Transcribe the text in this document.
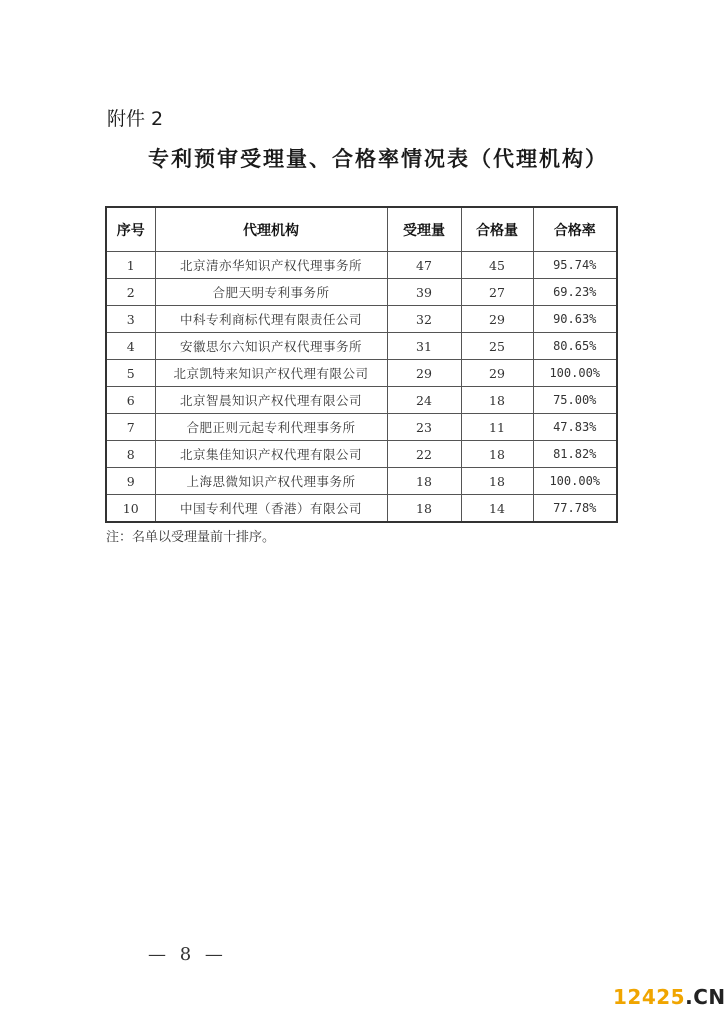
附件 2
专利预审受理量、合格率情况表（代理机构）
序号	代理机构	受理量	合格量	合格率
1	北京清亦华知识产权代理事务所	47	45	95.74%
2	合肥天明专利事务所	39	27	69.23%
3	中科专利商标代理有限责任公司	32	29	90.63%
4	安徽思尔六知识产权代理事务所	31	25	80.65%
5	北京凯特来知识产权代理有限公司	29	29	100.00%
6	北京智晨知识产权代理有限公司	24	18	75.00%
7	合肥正则元起专利代理事务所	23	11	47.83%
8	北京集佳知识产权代理有限公司	22	18	81.82%
9	上海思微知识产权代理事务所	18	18	100.00%
10	中国专利代理（香港）有限公司	18	14	77.78%
注：名单以受理量前十排序。
— 8 —
12425.CN
